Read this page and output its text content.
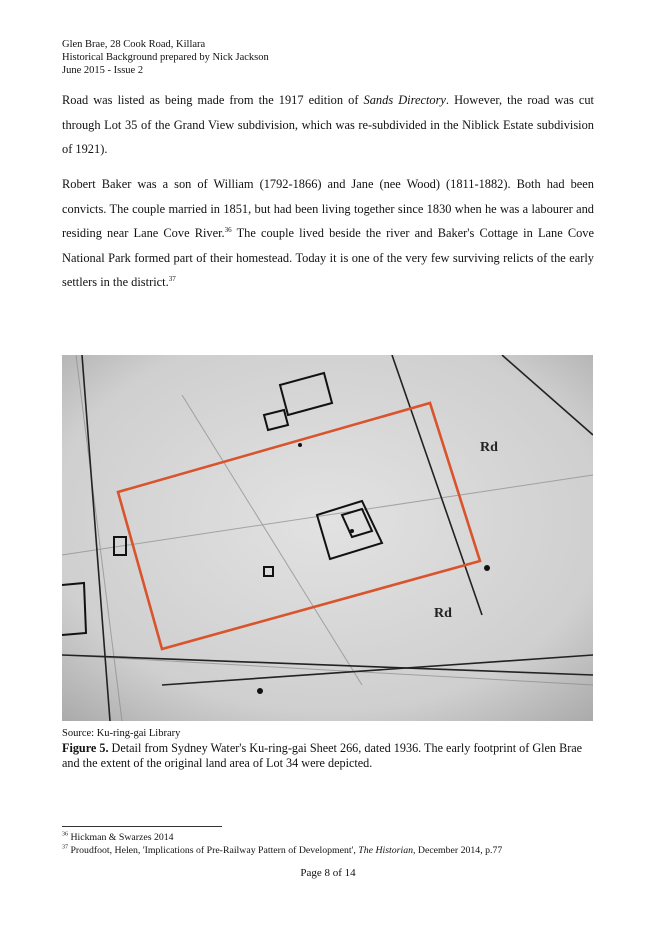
Glen Brae, 28 Cook Road, Killara
Historical Background prepared by Nick Jackson
June 2015 - Issue 2

Road was listed as being made from the 1917 edition of Sands Directory. However, the road was cut through Lot 35 of the Grand View subdivision, which was re-subdivided in the Niblick Estate subdivision of 1921).

Robert Baker was a son of William (1792-1866) and Jane (nee Wood) (1811-1882). Both had been convicts. The couple married in 1851, but had been living together since 1830 when he was a labourer and residing near Lane Cove River.$^{36}$ The couple lived beside the river and Baker's Cottage in Lane Cove National Park formed part of their homestead. Today it is one of the very few surviving relicts of the early settlers in the district.$^{37}$

Rd
Rd
Source: Ku-ring-gai Library
Figure 5. Detail from Sydney Water's Ku-ring-gai Sheet 266, dated 1936. The early footprint of Glen Brae and the extent of the original land area of Lot 34 were depicted.
$^{36}$ Hickman & Swarzes 2014
$^{37}$ Proudfoot, Helen, 'Implications of Pre-Railway Pattern of Development', The Historian, December 2014, p.77
Page 8 of 14
